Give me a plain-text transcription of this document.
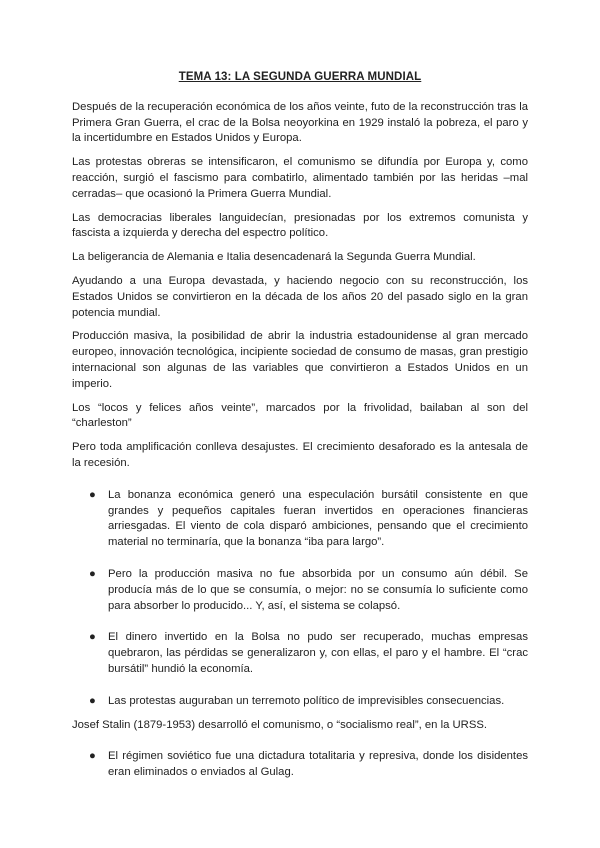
TEMA 13: LA SEGUNDA GUERRA MUNDIAL

Después de la recuperación económica de los años veinte, futo de la reconstrucción tras la Primera Gran Guerra, el crac de la Bolsa neoyorkina en 1929 instaló la pobreza, el paro y la incertidumbre en Estados Unidos y Europa.

Las protestas obreras se intensificaron, el comunismo se difundía por Europa y, como reacción, surgió el fascismo para combatirlo, alimentado también por las heridas –mal cerradas– que ocasionó la Primera Guerra Mundial.

Las democracias liberales languidecían, presionadas por los extremos comunista y fascista a izquierda y derecha del espectro político.

La beligerancia de Alemania e Italia desencadenará la Segunda Guerra Mundial.

Ayudando a una Europa devastada, y haciendo negocio con su reconstrucción, los Estados Unidos se convirtieron en la década de los años 20 del pasado siglo en la gran potencia mundial.

Producción masiva, la posibilidad de abrir la industria estadounidense al gran mercado europeo, innovación tecnológica, incipiente sociedad de consumo de masas, gran prestigio internacional son algunas de las variables que convirtieron a Estados Unidos en un imperio.

Los “locos y felices años veinte”, marcados por la frivolidad, bailaban al son del “charleston”

Pero toda amplificación conlleva desajustes. El crecimiento desaforado es la antesala de la recesión.

● La bonanza económica generó una especulación bursátil consistente en que grandes y pequeños capitales fueran invertidos en operaciones financieras arriesgadas. El viento de cola disparó ambiciones, pensando que el crecimiento material no terminaría, que la bonanza “iba para largo”.
● Pero la producción masiva no fue absorbida por un consumo aún débil. Se producía más de lo que se consumía, o mejor: no se consumía lo suficiente como para absorber lo producido... Y, así, el sistema se colapsó.
● El dinero invertido en la Bolsa no pudo ser recuperado, muchas empresas quebraron, las pérdidas se generalizaron y, con ellas, el paro y el hambre. El “crac bursátil” hundió la economía.
● Las protestas auguraban un terremoto político de imprevisibles consecuencias.

Josef Stalin (1879-1953) desarrolló el comunismo, o “socialismo real”, en la URSS.

● El régimen soviético fue una dictadura totalitaria y represiva, donde los disidentes eran eliminados o enviados al Gulag.
